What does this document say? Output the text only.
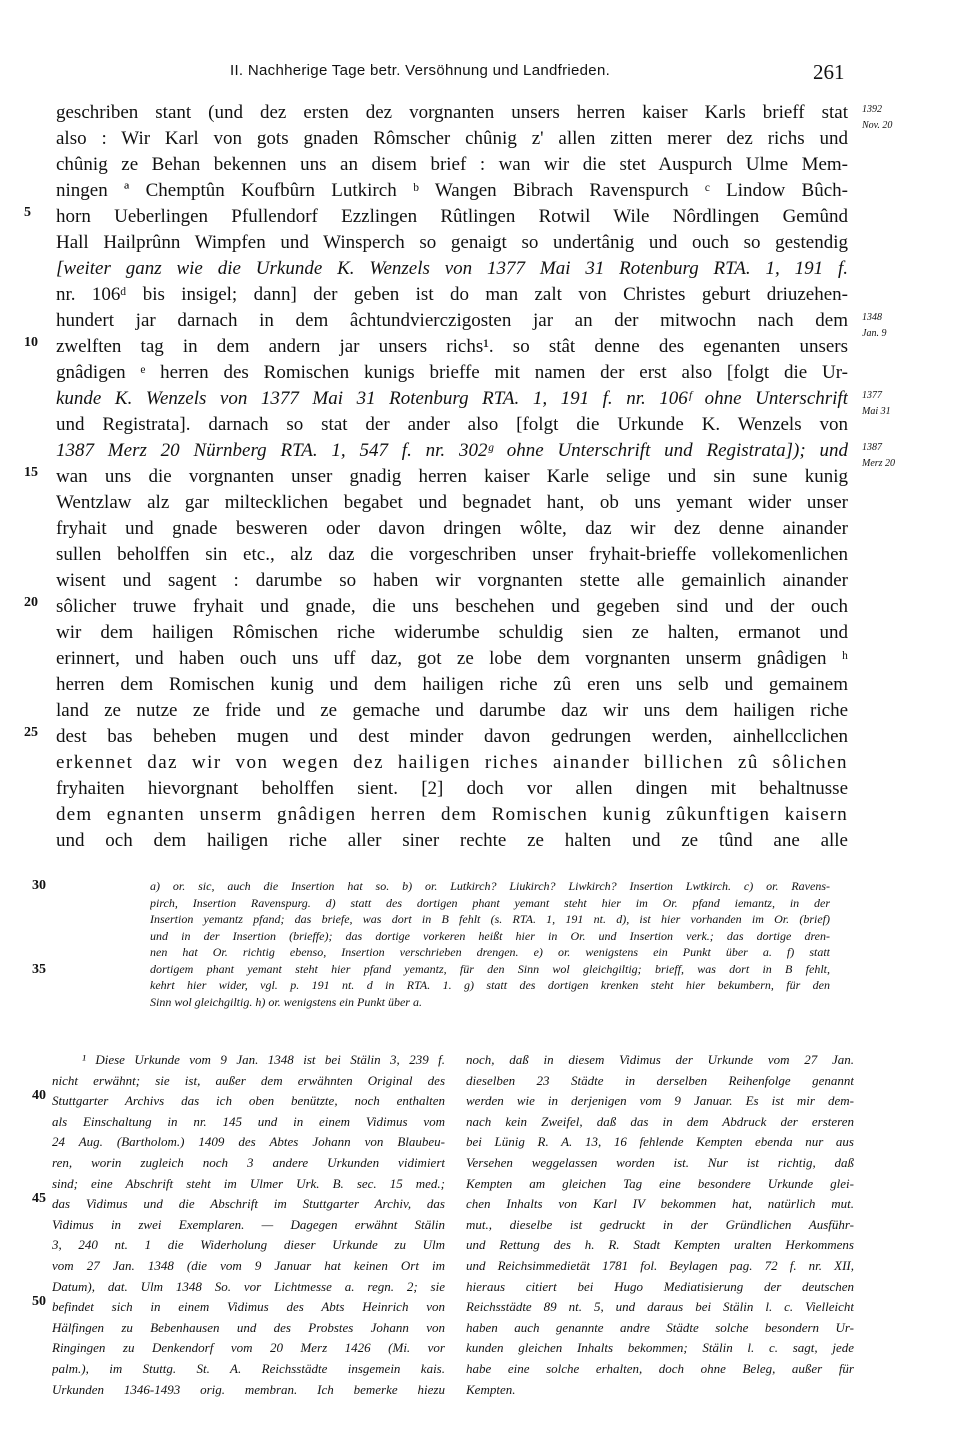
II. Nachherige Tage betr. Versöhnung und Landfrieden.	261
5
10
15
20
25
1392
Nov. 20
1348
Jan. 9
1377
Mai 31
1387
Merz 20
geschriben stant (und dez ersten dez vorgnanten unsers herren kaiser Karls brieff stat
also : Wir Karl von gots gnaden Rômscher chûnig z' allen zitten merer dez richs und
chûnig ze Behan bekennen uns an disem brief : wan wir die stet Auspurch Ulme Mem-
ningen ª Chemptûn Koufbûrn Lutkirch ᵇ Wangen Bibrach Ravenspurch ᶜ Lindow Bûch-
horn Ueberlingen Pfullendorf Ezzlingen Rûtlingen Rotwil Wile Nôrdlingen Gemûnd
Hall Hailprûnn Wimpfen und Winsperch so genaigt so undertânig und ouch so gestendig
[weiter ganz wie die Urkunde K. Wenzels von 1377 Mai 31 Rotenburg RTA. 1, 191 f.
nr. 106ᵈ bis insigel; dann] der geben ist do man zalt von Christes geburt driuzehen-
hundert jar darnach in dem âchtundvierczigosten jar an der mitwochn nach dem
zwelften tag in dem andern jar unsers richs¹. so stât denne des egenanten unsers
gnâdigen ᵉ herren des Romischen kunigs brieffe mit namen der erst also [folgt die Ur-
kunde K. Wenzels von 1377 Mai 31 Rotenburg RTA. 1, 191 f. nr. 106ᶠ ohne Unterschrift
und Registrata]. darnach so stat der ander also [folgt die Urkunde K. Wenzels von
1387 Merz 20 Nürnberg RTA. 1, 547 f. nr. 302ᵍ ohne Unterschrift und Registrata]); und
wan uns die vorgnanten unser gnadig herren kaiser Karle selige und sin sune kunig
Wentzlaw alz gar miltecklichen begabet und begnadet hant, ob uns yemant wider unser
fryhait und gnade besweren oder davon dringen wôlte, daz wir dez denne ainander
sullen beholffen sin etc., alz daz die vorgeschriben unser fryhait-brieffe vollekomenlichen
wisent und sagent : darumbe so haben wir vorgnanten stette alle gemainlich ainander
sôlicher truwe fryhait und gnade, die uns beschehen und gegeben sind und der ouch
wir dem hailigen Rômischen riche widerumbe schuldig sien ze halten, ermanot und
erinnert, und haben ouch uns uff daz, got ze lobe dem vorgnanten unserm gnâdigen ʰ
herren dem Romischen kunig und dem hailigen riche zû eren uns selb und gemainem
land ze nutze ze fride und ze gemache und darumbe daz wir uns dem hailigen riche
dest bas beheben mugen und dest minder davon gedrungen werden, ainhellcclichen
erkennet daz wir von wegen dez hailigen riches ainander billichen zû sôlichen
fryhaiten hievorgnant beholffen sient. [2] doch vor allen dingen mit behaltnusse
dem egnanten unserm gnâdigen herren dem Romischen kunig zûkunftigen kaisern
und och dem hailigen riche aller siner rechte ze halten und ze tûnd ane alle
30
35
a) or. sic, auch die Insertion hat so. b) or. Lutkirch? Liukirch? Liwkirch? Insertion Lwtkirch. c) or. Ravens-
pirch, Insertion Ravenspurg. d) statt des dortigen phant yemant steht hier im Or. pfand iemantz, in der
Insertion yemantz pfand; das briefe, was dort in B fehlt (s. RTA. 1, 191 nt. d), ist hier vorhanden im Or. (brief)
und in der Insertion (brieffe); das dortige vorkeren heißt hier in Or. und Insertion verk.; das dortige dren-
nen hat Or. richtig ebenso, Insertion verschrieben drengen. e) or. wenigstens ein Punkt über a. f) statt
dortigem phant yemant steht hier pfand yemantz, für den Sinn wol gleichgiltig; brieff, was dort in B fehlt,
kehrt hier wider, vgl. p. 191 nt. d in RTA. 1. g) statt des dortigen krenken steht hier bekumbern, für den
Sinn wol gleichgiltig. h) or. wenigstens ein Punkt über a.
40
45
50
¹ Diese Urkunde vom 9 Jan. 1348 ist bei Stälin 3, 239 f.
nicht erwähnt; sie ist, außer dem erwähnten Original des
Stuttgarter Archivs das ich oben benützte, noch enthalten
als Einschaltung in nr. 145 und in einem Vidimus vom
24 Aug. (Bartholom.) 1409 des Abtes Johann von Blaubeu-
ren, worin zugleich noch 3 andere Urkunden vidimiert
sind; eine Abschrift steht im Ulmer Urk. B. sec. 15 med.;
das Vidimus und die Abschrift im Stuttgarter Archiv, das
Vidimus in zwei Exemplaren. — Dagegen erwähnt Stälin
3, 240 nt. 1 die Widerholung dieser Urkunde zu Ulm
vom 27 Jan. 1348 (die vom 9 Januar hat keinen Ort im
Datum), dat. Ulm 1348 So. vor Lichtmesse a. regn. 2; sie
befindet sich in einem Vidimus des Abts Heinrich von
Hälfingen zu Bebenhausen und des Probstes Johann von
Ringingen zu Denkendorf vom 20 Merz 1426 (Mi. vor
palm.), im Stuttg. St. A. Reichsstädte insgemein kais.
Urkunden 1346-1493 orig. membran. Ich bemerke hiezu
noch, daß in diesem Vidimus der Urkunde vom 27 Jan.
dieselben 23 Städte in derselben Reihenfolge genannt
werden wie in derjenigen vom 9 Januar. Es ist mir dem-
nach kein Zweifel, daß das in dem Abdruck der ersteren
bei Lünig R. A. 13, 16 fehlende Kempten ebenda nur aus
Versehen weggelassen worden ist. Nur ist richtig, daß
Kempten am gleichen Tag eine besondere Urkunde glei-
chen Inhalts von Karl IV bekommen hat, natürlich mut.
mut., dieselbe ist gedruckt in der Gründlichen Ausführ-
und Rettung des h. R. Stadt Kempten uralten Herkommens
und Reichsimmedietät 1781 fol. Beylagen pag. 72 f. nr. XII,
hieraus citiert bei Hugo Mediatisierung der deutschen
Reichsstädte 89 nt. 5, und daraus bei Stälin l. c. Vielleicht
haben auch genannte andre Städte solche besondern Ur-
kunden gleichen Inhalts bekommen; Stälin l. c. sagt, jede
habe eine solche erhalten, doch ohne Beleg, außer für
Kempten.
